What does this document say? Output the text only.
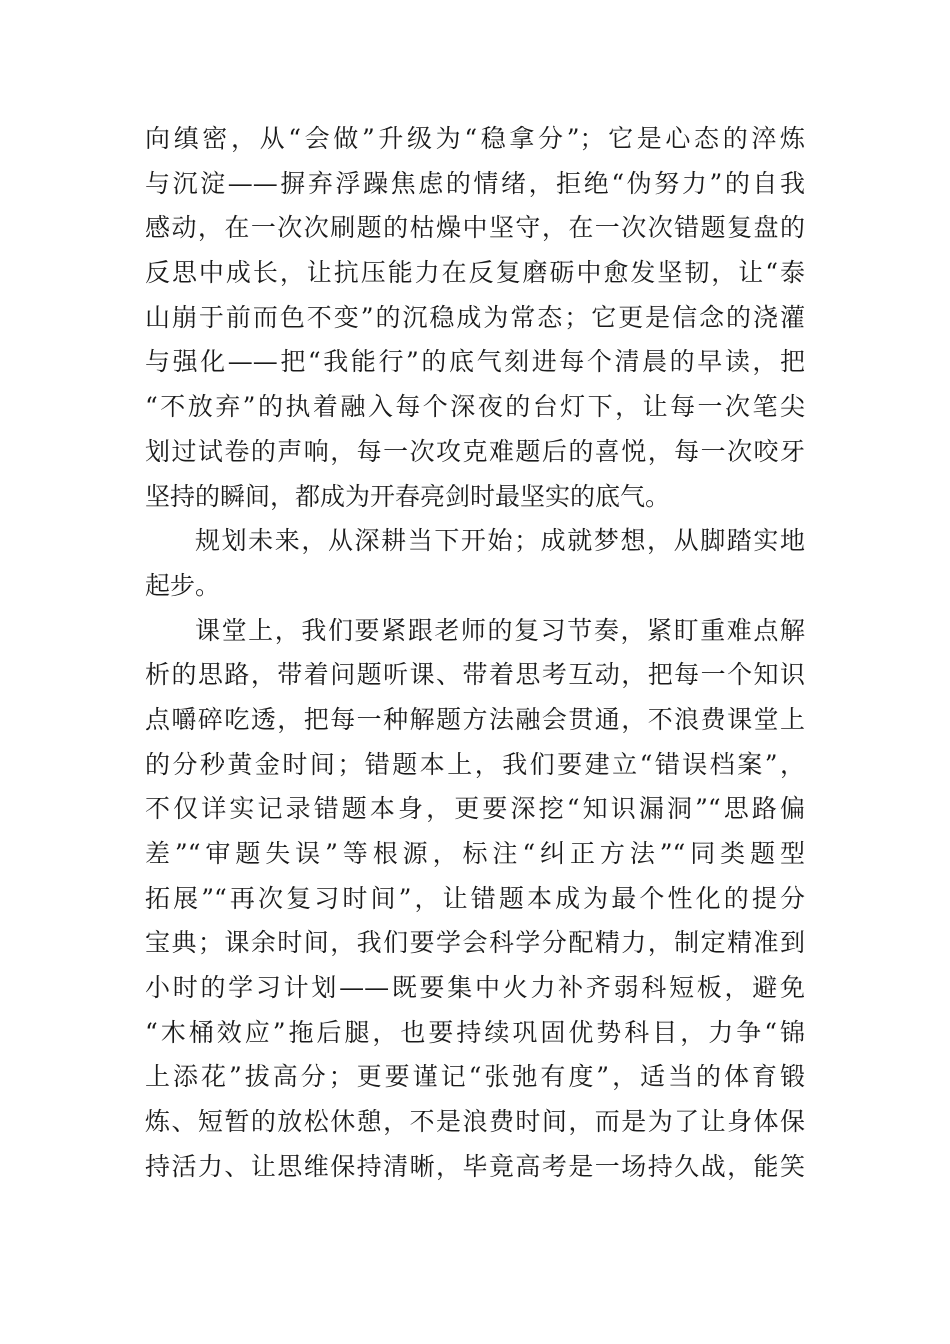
向缜密，从“会做”升级为“稳拿分”；它是心态的淬炼
与沉淀——摒弃浮躁焦虑的情绪，拒绝“伪努力”的自我
感动，在一次次刷题的枯燥中坚守，在一次次错题复盘的
反思中成长，让抗压能力在反复磨砺中愈发坚韧，让“泰
山崩于前而色不变”的沉稳成为常态；它更是信念的浇灌
与强化——把“我能行”的底气刻进每个清晨的早读，把
“不放弃”的执着融入每个深夜的台灯下，让每一次笔尖
划过试卷的声响，每一次攻克难题后的喜悦，每一次咬牙
坚持的瞬间，都成为开春亮剑时最坚实的底气。
规划未来，从深耕当下开始；成就梦想，从脚踏实地
起步。
课堂上，我们要紧跟老师的复习节奏，紧盯重难点解
析的思路，带着问题听课、带着思考互动，把每一个知识
点嚼碎吃透，把每一种解题方法融会贯通，不浪费课堂上
的分秒黄金时间；错题本上，我们要建立“错误档案”，
不仅详实记录错题本身，更要深挖“知识漏洞”“思路偏
差”“审题失误”等根源，标注“纠正方法”“同类题型
拓展”“再次复习时间”，让错题本成为最个性化的提分
宝典；课余时间，我们要学会科学分配精力，制定精准到
小时的学习计划——既要集中火力补齐弱科短板，避免
“木桶效应”拖后腿，也要持续巩固优势科目，力争“锦
上添花”拔高分；更要谨记“张弛有度”，适当的体育锻
炼、短暂的放松休憩，不是浪费时间，而是为了让身体保
持活力、让思维保持清晰，毕竟高考是一场持久战，能笑
